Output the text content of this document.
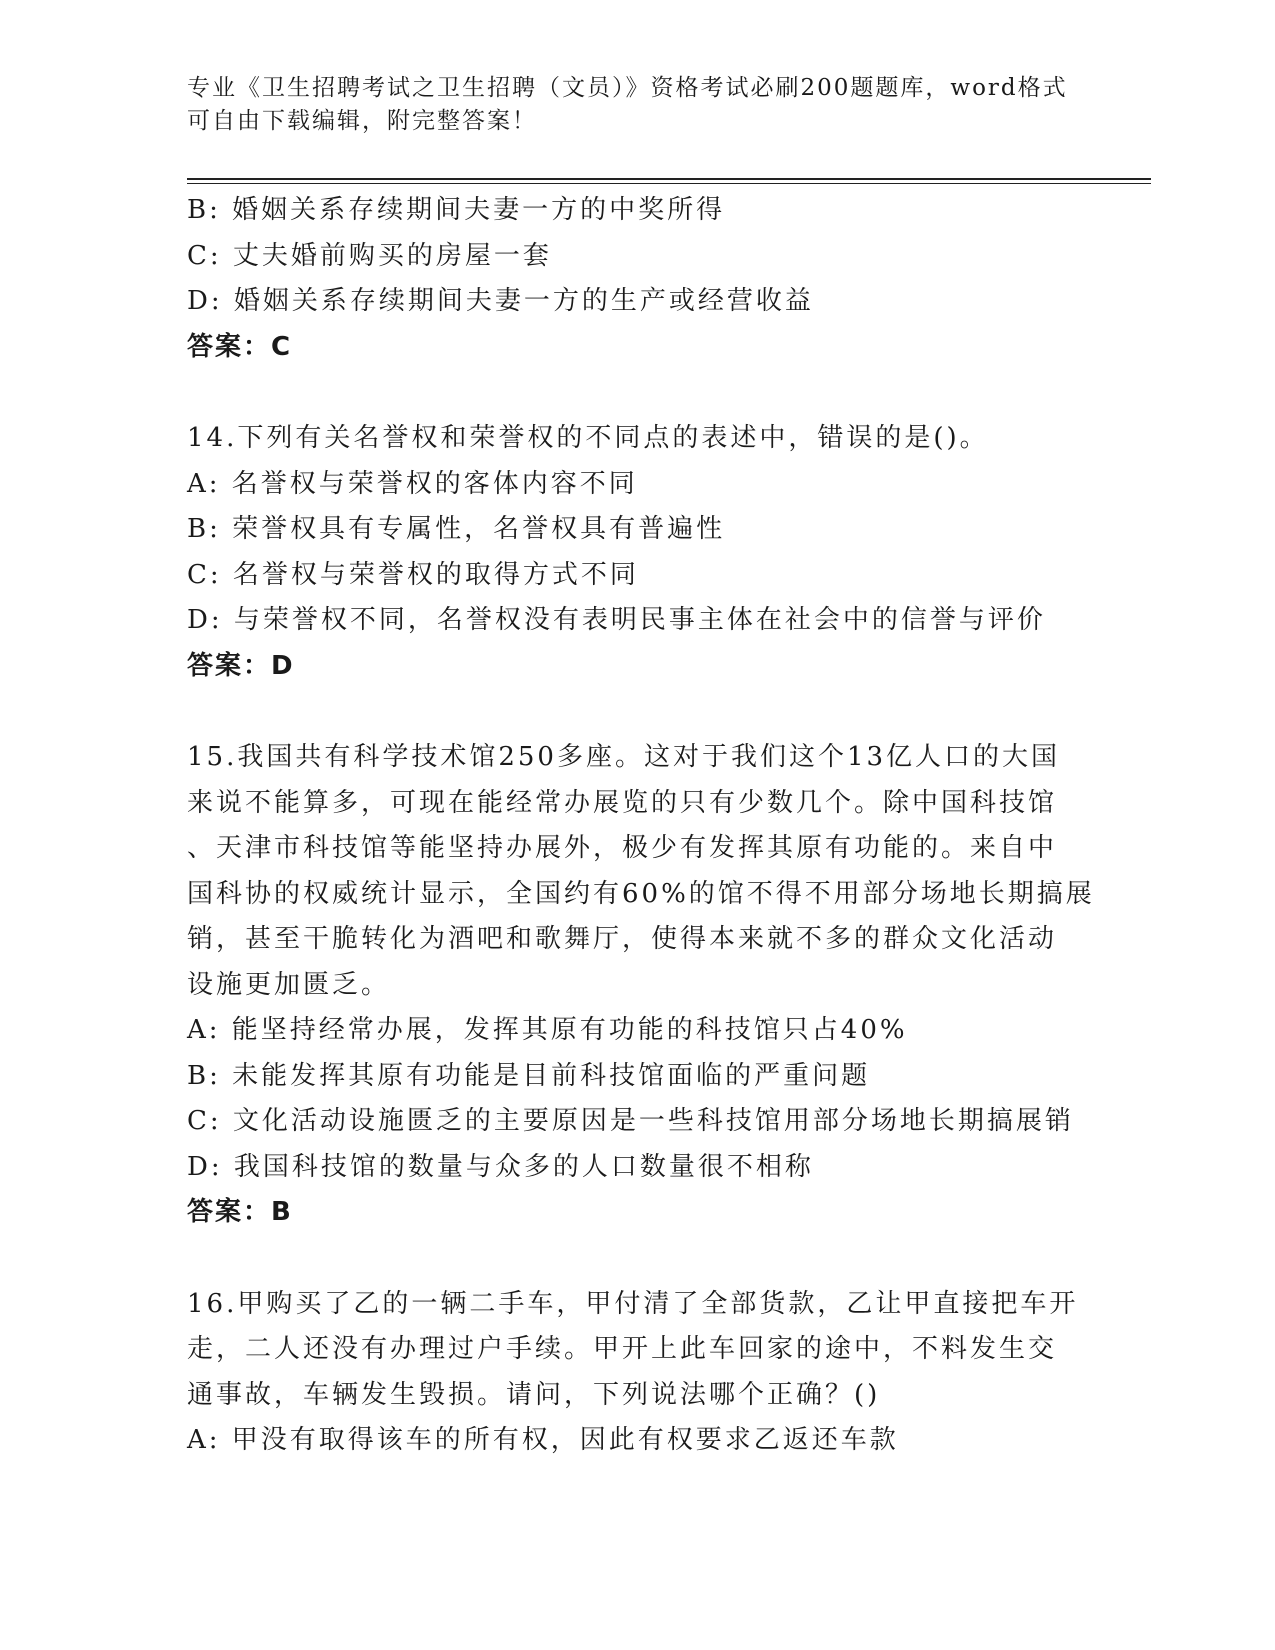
专业《卫生招聘考试之卫生招聘（文员）》资格考试必刷200题题库，word格式

可自由下载编辑，附完整答案！

B: 婚姻关系存续期间夫妻一方的中奖所得
C: 丈夫婚前购买的房屋一套
D: 婚姻关系存续期间夫妻一方的生产或经营收益
答案：C
14.下列有关名誉权和荣誉权的不同点的表述中，错误的是()。
A: 名誉权与荣誉权的客体内容不同
B: 荣誉权具有专属性，名誉权具有普遍性
C: 名誉权与荣誉权的取得方式不同
D: 与荣誉权不同，名誉权没有表明民事主体在社会中的信誉与评价
答案：D
15.我国共有科学技术馆250多座。这对于我们这个13亿人口的大国
来说不能算多，可现在能经常办展览的只有少数几个。除中国科技馆
、天津市科技馆等能坚持办展外，极少有发挥其原有功能的。来自中
国科协的权威统计显示，全国约有60%的馆不得不用部分场地长期搞展
销，甚至干脆转化为酒吧和歌舞厅，使得本来就不多的群众文化活动
设施更加匮乏。
A: 能坚持经常办展，发挥其原有功能的科技馆只占40%
B: 未能发挥其原有功能是目前科技馆面临的严重问题
C: 文化活动设施匮乏的主要原因是一些科技馆用部分场地长期搞展销
D: 我国科技馆的数量与众多的人口数量很不相称
答案：B
16.甲购买了乙的一辆二手车，甲付清了全部货款，乙让甲直接把车开
走，二人还没有办理过户手续。甲开上此车回家的途中，不料发生交
通事故，车辆发生毁损。请问，下列说法哪个正确？()
A: 甲没有取得该车的所有权，因此有权要求乙返还车款
